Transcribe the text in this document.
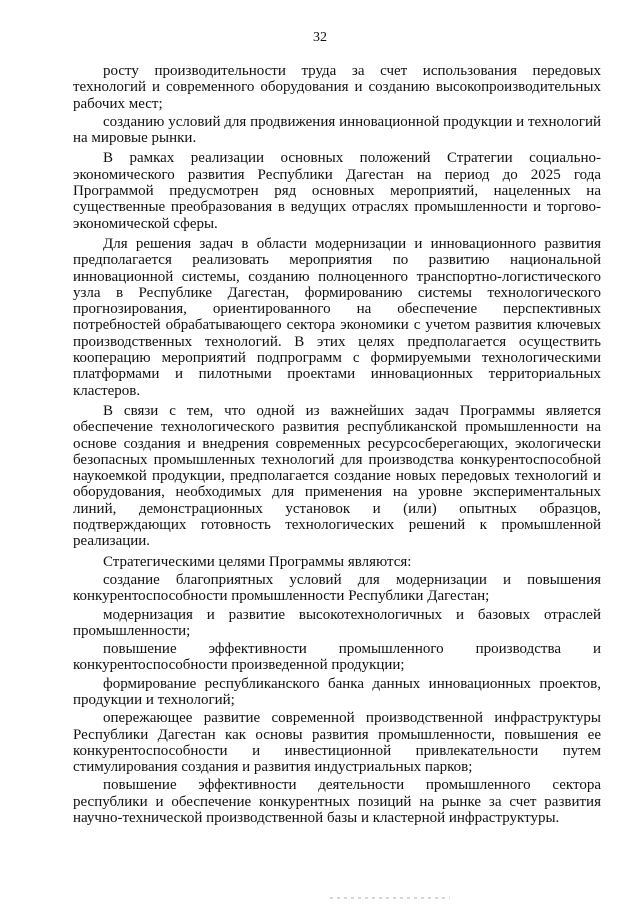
32

росту производительности труда за счет использования передовых технологий и современного оборудования и созданию высокопроизводительных рабочих мест;

созданию условий для продвижения инновационной продукции и технологий на мировые рынки.

В рамках реализации основных положений Стратегии социально-экономического развития Республики Дагестан на период до 2025 года Программой предусмотрен ряд основных мероприятий, нацеленных на существенные преобразования в ведущих отраслях промышленности и торгово-экономической сферы.

Для решения задач в области модернизации и инновационного развития предполагается реализовать мероприятия по развитию национальной инновационной системы, созданию полноценного транспортно-логистического узла в Республике Дагестан, формированию системы технологического прогнозирования, ориентированного на обеспечение перспективных потребностей обрабатывающего сектора экономики с учетом развития ключевых производственных технологий. В этих целях предполагается осуществить кооперацию мероприятий подпрограмм с формируемыми технологическими платформами и пилотными проектами инновационных территориальных кластеров.

В связи с тем, что одной из важнейших задач Программы является обеспечение технологического развития республиканской промышленности на основе создания и внедрения современных ресурсосберегающих, экологически безопасных промышленных технологий для производства конкурентоспособной наукоемкой продукции, предполагается создание новых передовых технологий и оборудования, необходимых для применения на уровне экспериментальных линий, демонстрационных установок и (или) опытных образцов, подтверждающих готовность технологических решений к промышленной реализации.

Стратегическими целями Программы являются:

создание благоприятных условий для модернизации и повышения конкурентоспособности промышленности Республики Дагестан;

модернизация и развитие высокотехнологичных и базовых отраслей промышленности;

повышение эффективности промышленного производства и конкурентоспособности произведенной продукции;

формирование республиканского банка данных инновационных проектов, продукции и технологий;

опережающее развитие современной производственной инфраструктуры Республики Дагестан как основы развития промышленности, повышения ее конкурентоспособности и инвестиционной привлекательности путем стимулирования создания и развития индустриальных парков;

повышение эффективности деятельности промышленного сектора республики и обеспечение конкурентных позиций на рынке за счет развития научно-технической производственной базы и кластерной инфраструктуры.
